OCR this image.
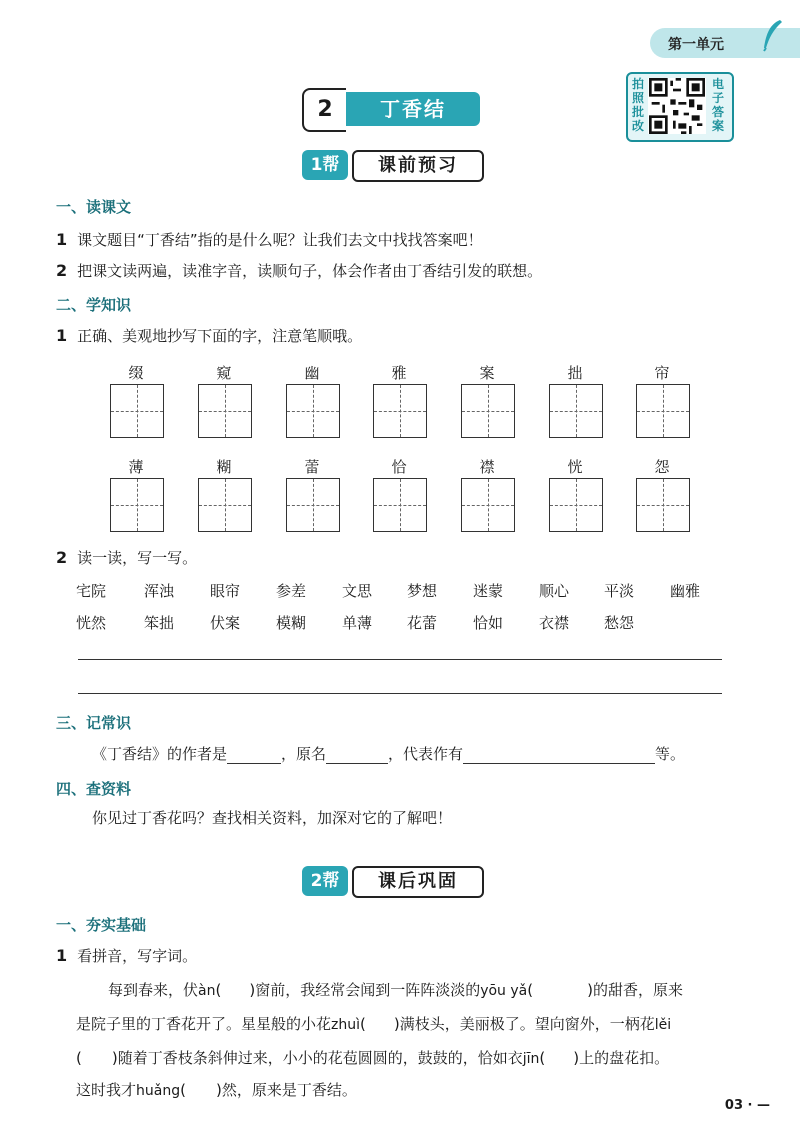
第一单元
拍
照
批
改
电
子
答
案
2	丁香结
1帮	课前预习
一、读课文
1 课文题目“丁香结”指的是什么呢？让我们去文中找找答案吧！
2 把课文读两遍，读准字音，读顺句子，体会作者由丁香结引发的联想。
二、学知识
1 正确、美观地抄写下面的字，注意笔顺哦。
缀	窥	幽	雅	案	拙	帘
薄	糊	蕾	恰	襟	恍	怨
2 读一读，写一写。
宅院	浑浊	眼帘	参差	文思	梦想	迷蒙	顺心	平淡	幽雅
恍然	笨拙	伏案	模糊	单薄	花蕾	恰如	衣襟	愁怨
三、记常识
《丁香结》的作者是	，原名	，代表作有	等。
四、查资料
你见过丁香花吗？查找相关资料，加深对它的了解吧！
2帮	课后巩固
一、夯实基础
1 看拼音，写字词。
每到春来，伏àn( )窗前，我经常会闻到一阵阵淡淡的yōu yǎ(	)的甜香，原来
是院子里的丁香花开了。星星般的小花zhuì( )满枝头，美丽极了。望向窗外，一柄花lěi
( )随着丁香枝条斜伸过来，小小的花苞圆圆的，鼓鼓的，恰如衣jīn( )上的盘花扣。
这时我才huǎng( )然，原来是丁香结。
03 · —
